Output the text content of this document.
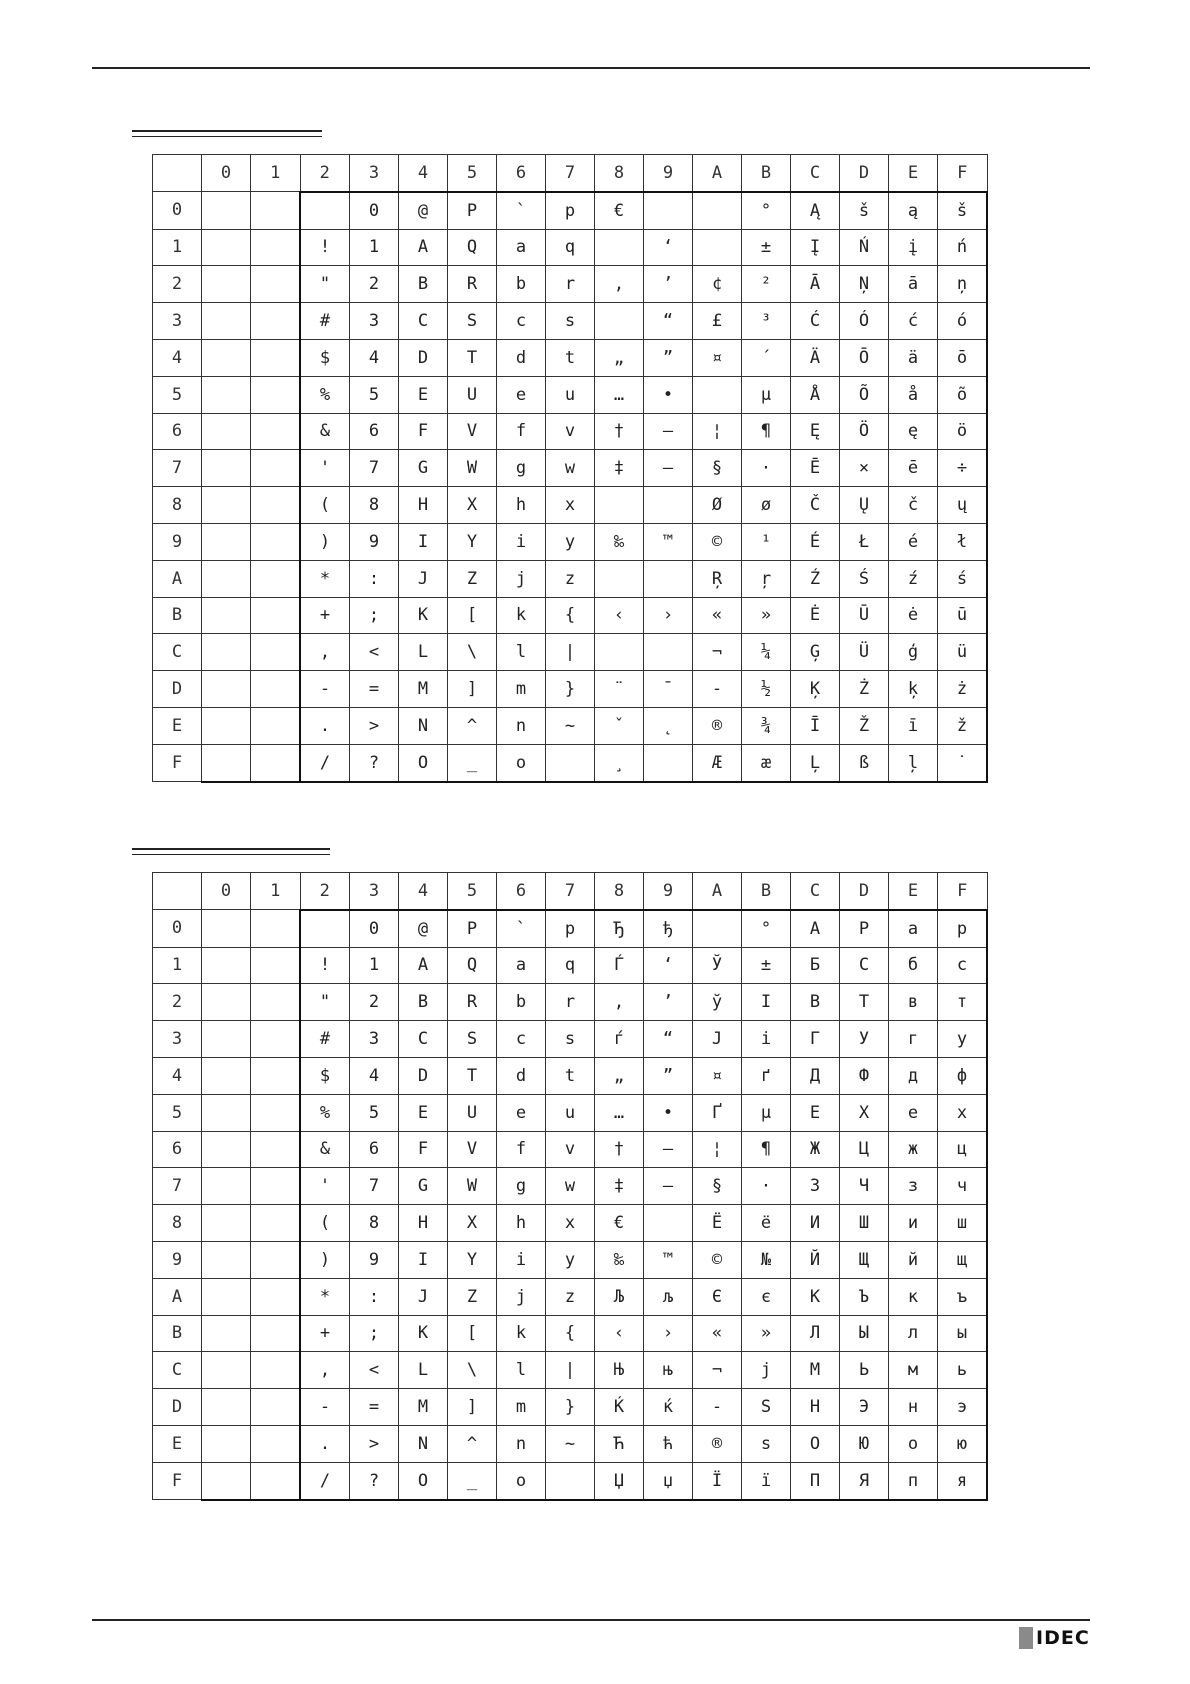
	0	1	2	3	4	5	6	7	8	9	A	B	C	D	E	F
0				0	@	P	`	p	€			°	Ą	š	ą	š
1			!	1	A	Q	a	q		‘		±	Į	Ń	į	ń
2			"	2	B	R	b	r	‚	’	¢	²	Ā	Ņ	ā	ņ
3			#	3	C	S	c	s		“	£	³	Ć	Ó	ć	ó
4			$	4	D	T	d	t	„	”	¤	´	Ä	Ō	ä	ō
5			%	5	E	U	e	u	…	•		µ	Å	Õ	å	õ
6			&	6	F	V	f	v	†	–	¦	¶	Ę	Ö	ę	ö
7			'	7	G	W	g	w	‡	—	§	·	Ē	×	ē	÷
8			(	8	H	X	h	x			Ø	ø	Č	Ų	č	ų
9			)	9	I	Y	i	y	‰	™	©	¹	É	Ł	é	ł
A			*	:	J	Z	j	z			Ŗ	ŗ	Ź	Ś	ź	ś
B			+	;	K	[	k	{	‹	›	«	»	Ė	Ū	ė	ū
C			,	<	L	\	l	|			¬	¼	Ģ	Ü	ģ	ü
D			-	=	M	]	m	}	¨	¯	-	½	Ķ	Ż	ķ	ż
E			.	>	N	^	n	~	ˇ	˛	®	¾	Ī	Ž	ī	ž
F			/	?	O	_	o		¸		Æ	æ	Ļ	ß	ļ	˙
	0	1	2	3	4	5	6	7	8	9	A	B	C	D	E	F
0				0	@	P	`	p	Ђ	ђ		°	А	Р	а	р
1			!	1	A	Q	a	q	Ѓ	‘	Ў	±	Б	С	б	с
2			"	2	B	R	b	r	‚	’	ў	І	В	Т	в	т
3			#	3	C	S	c	s	ѓ	“	Ј	і	Г	У	г	у
4			$	4	D	T	d	t	„	”	¤	ґ	Д	Ф	д	ф
5			%	5	E	U	e	u	…	•	Ґ	µ	Е	Х	е	х
6			&	6	F	V	f	v	†	–	¦	¶	Ж	Ц	ж	ц
7			'	7	G	W	g	w	‡	—	§	·	З	Ч	з	ч
8			(	8	H	X	h	x	€		Ё	ё	И	Ш	и	ш
9			)	9	I	Y	i	y	‰	™	©	№	Й	Щ	й	щ
A			*	:	J	Z	j	z	Љ	љ	Є	є	К	Ъ	к	ъ
B			+	;	K	[	k	{	‹	›	«	»	Л	Ы	л	ы
C			,	<	L	\	l	|	Њ	њ	¬	ј	М	Ь	м	ь
D			-	=	M	]	m	}	Ќ	ќ	-	Ѕ	Н	Э	н	э
E			.	>	N	^	n	~	Ћ	ћ	®	ѕ	О	Ю	о	ю
F			/	?	O	_	o		Џ	џ	Ї	ї	П	Я	п	я
IDEC
